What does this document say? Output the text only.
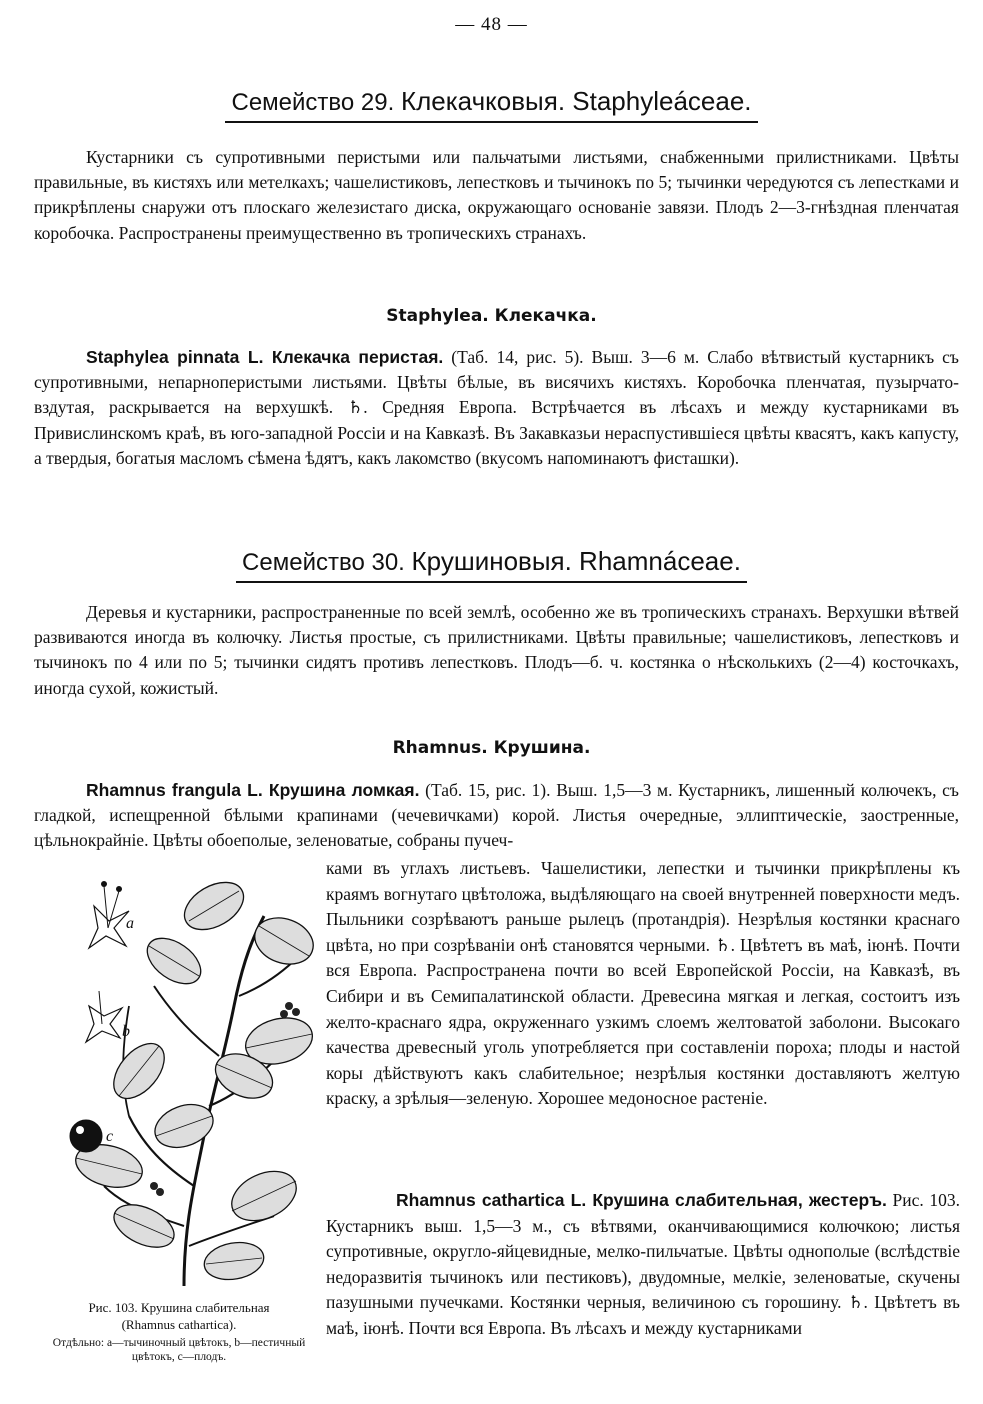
— 48 —
Семейство 29. Клекачковыя. Staphyleáceae.
Кустарники съ супротивными перистыми или пальчатыми листьями, снабженными прилистниками. Цвѣты правильные, въ кистяхъ или метелкахъ; чашелистиковъ, лепестковъ и тычинокъ по 5; тычинки чередуются съ лепестками и прикрѣплены снаружи отъ плоскаго железистаго диска, окружающаго основаніе завязи. Плодъ 2—3-гнѣздная пленчатая коробочка. Распространены преимущественно въ тропическихъ странахъ.
Staphylea. Клекачка.
Staphylea pinnata L. Клекачка перистая. (Таб. 14, рис. 5). Выш. 3—6 м. Слабо вѣтвистый кустарникъ съ супротивными, непарноперистыми листьями. Цвѣты бѣлые, въ висячихъ кистяхъ. Коробочка пленчатая, пузырчато-вздутая, раскрывается на верхушкѣ. ♄. Средняя Европа. Встрѣчается въ лѣсахъ и между кустарниками въ Привислинскомъ краѣ, въ юго-западной Россіи и на Кавказѣ. Въ Закавказьи нераспустившіеся цвѣты квасятъ, какъ капусту, а твердыя, богатыя масломъ сѣмена ѣдятъ, какъ лакомство (вкусомъ напоминаютъ фисташки).
Семейство 30. Крушиновыя. Rhamnáceae.
Деревья и кустарники, распространенные по всей землѣ, особенно же въ тропическихъ странахъ. Верхушки вѣтвей развиваются иногда въ колючку. Листья простые, съ прилистниками. Цвѣты правильные; чашелистиковъ, лепестковъ и тычинокъ по 4 или по 5; тычинки сидятъ противъ лепестковъ. Плодъ—б. ч. костянка о нѣсколькихъ (2—4) косточкахъ, иногда сухой, кожистый.
Rhamnus. Крушина.
Rhamnus frangula L. Крушина ломкая. (Таб. 15, рис. 1). Выш. 1,5—3 м. Кустарникъ, лишенный колючекъ, съ гладкой, испещренной бѣлыми крапинами (чечевичками) корой. Листья очередные, эллиптическіе, заостренные, цѣльнокрайніе. Цвѣты обоеполые, зеленоватые, собраны пучеч-
ками въ углахъ листьевъ. Чашелистики, лепестки и тычинки прикрѣплены къ краямъ вогнутаго цвѣтоложа, выдѣляющаго на своей внутренней поверхности медъ. Пыльники созрѣваютъ раньше рылецъ (протандрія). Незрѣлыя костянки краснаго цвѣта, но при созрѣваніи онѣ становятся черными. ♄. Цвѣтетъ въ маѣ, іюнѣ. Почти вся Европа. Распространена почти во всей Европейской Россіи, на Кавказѣ, въ Сибири и въ Семипалатинской области. Древесина мягкая и легкая, состоитъ изъ желто-краснаго ядра, окруженнаго узкимъ слоемъ желтоватой заболони. Высокаго качества древесный уголь употребляется при составленіи пороха; плоды и настой коры дѣйствуютъ какъ слабительное; незрѣлыя костянки доставляютъ желтую краску, а зрѣлыя—зеленую. Хорошее медоносное растеніе.
Rhamnus cathartica L. Крушина слабительная, жестеръ. Рис. 103. Кустарникъ выш. 1,5—3 м., съ вѣтвями, оканчивающимися колючкою; листья супротивные, округло-яйцевидные, мелко-пильчатые. Цвѣты однополые (вслѣдствіе недоразвитія тычинокъ или пестиковъ), двудомные, мелкіе, зеленоватые, скучены пазушными пучечками. Костянки черныя, величиною съ горошину. ♄. Цвѣтетъ въ маѣ, іюнѣ. Почти вся Европа. Въ лѣсахъ и между кустарниками
a
b
c
Рис. 103. Крушина слабительная
(Rhamnus cathartica).
Отдѣльно: a—тычиночный цвѣтокъ, b—пестичный цвѣтокъ, c—плодъ.
